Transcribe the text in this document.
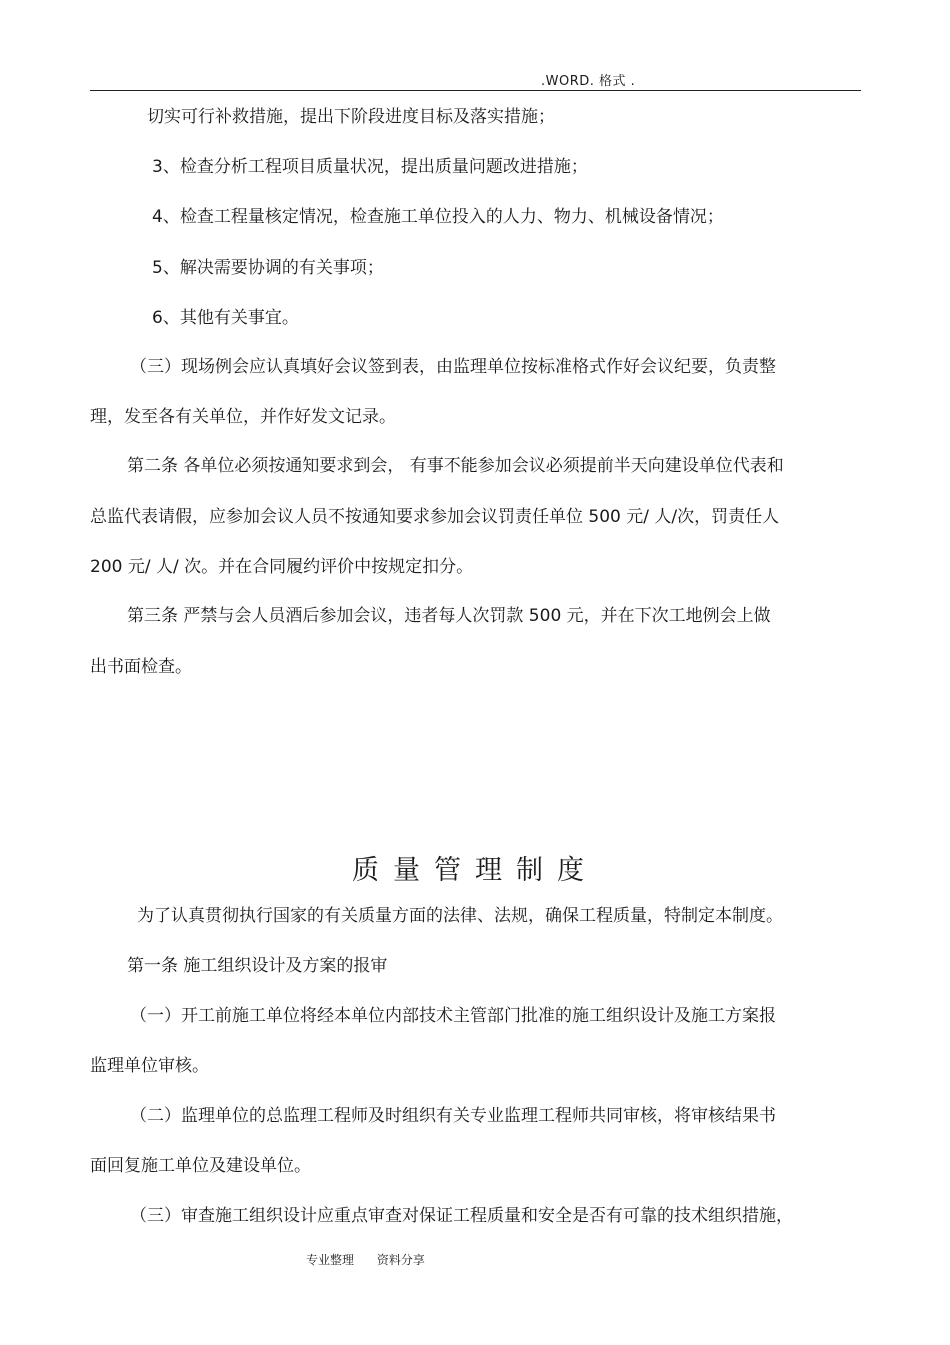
.WORD. 格式 .
切实可行补救措施，提出下阶段进度目标及落实措施；
3、检查分析工程项目质量状况，提出质量问题改进措施；
4、检查工程量核定情况，检查施工单位投入的人力、物力、机械设备情况；
5、解决需要协调的有关事项；
6、其他有关事宜。
（三）现场例会应认真填好会议签到表，由监理单位按标准格式作好会议纪要，负责整
理，发至各有关单位，并作好发文记录。
第二条 各单位必须按通知要求到会， 有事不能参加会议必须提前半天向建设单位代表和
总监代表请假，应参加会议人员不按通知要求参加会议罚责任单位 500 元/ 人/次，罚责任人
200 元/ 人/ 次。并在合同履约评价中按规定扣分。
第三条 严禁与会人员酒后参加会议，违者每人次罚款 500 元，并在下次工地例会上做
出书面检查。
质量管理制度
为了认真贯彻执行国家的有关质量方面的法律、法规，确保工程质量，特制定本制度。
第一条 施工组织设计及方案的报审
（一）开工前施工单位将经本单位内部技术主管部门批准的施工组织设计及施工方案报
监理单位审核。
（二）监理单位的总监理工程师及时组织有关专业监理工程师共同审核，将审核结果书
面回复施工单位及建设单位。
（三）审查施工组织设计应重点审查对保证工程质量和安全是否有可靠的技术组织措施，
专业整理      资料分享
